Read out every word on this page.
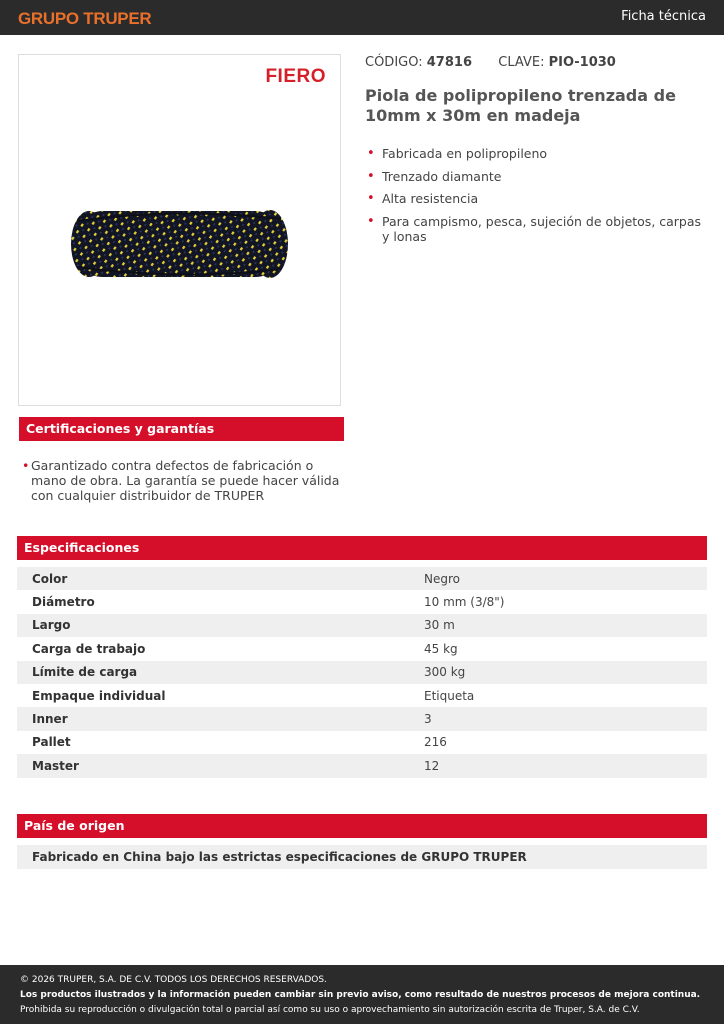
GRUPO TRUPER	Ficha técnica
FIERO
CÓDIGO: 47816 CLAVE: PIO-1030
Piola de polipropileno trenzada de 10mm x 30m en madeja
• Fabricada en polipropileno
• Trenzado diamante
• Alta resistencia
• Para campismo, pesca, sujeción de objetos, carpas y lonas
Certificaciones y garantías
• Garantizado contra defectos de fabricación o mano de obra. La garantía se puede hacer válida con cualquier distribuidor de TRUPER
Especificaciones
Color	Negro
Diámetro	10 mm (3/8")
Largo	30 m
Carga de trabajo	45 kg
Límite de carga	300 kg
Empaque individual	Etiqueta
Inner	3
Pallet	216
Master	12
País de origen
Fabricado en China bajo las estrictas especificaciones de GRUPO TRUPER
© 2026 TRUPER, S.A. DE C.V. TODOS LOS DERECHOS RESERVADOS.
Los productos ilustrados y la información pueden cambiar sin previo aviso, como resultado de nuestros procesos de mejora continua.
Prohibida su reproducción o divulgación total o parcial así como su uso o aprovechamiento sin autorización escrita de Truper, S.A. de C.V.
